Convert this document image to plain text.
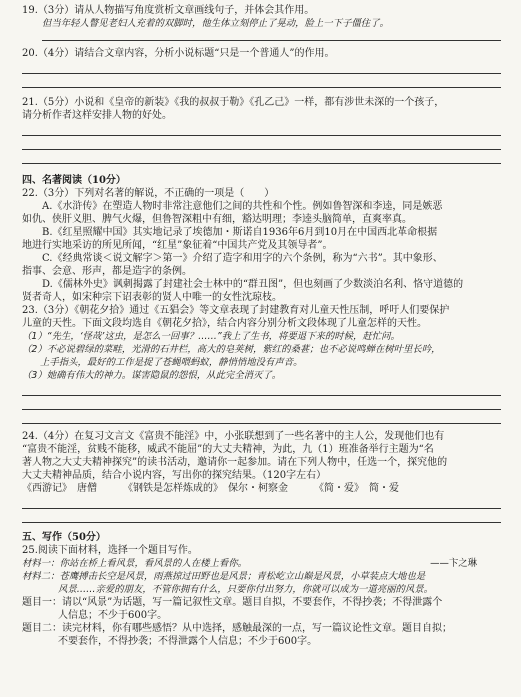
19.（3分）请从人物描写角度赏析文章画线句子，并体会其作用。

但当年轻人瞥见老妇人充着的双脚时，他生体立刻停止了晃动，脸上一下子僵住了。

20.（4分）请结合文章内容，分析小说标题“只是一个普通人”的作用。

21.（5分）小说和《皇帝的新装》《我的叔叔于勒》《孔乙己》一样，都有涉世未深的一个孩子，

请分析作者这样安排人物的好处。

四、名著阅读（10分）

22.（3分）下列对名著的解说，不正确的一项是（　　）

A.《水浒传》在塑造人物时非常注意他们之间的共性和个性。例如鲁智深和李逵，同是嫉恶

如仇、侠肝义胆、脾气火爆，但鲁智深粗中有细，豁达明理；李逵头脑简单，直爽率真。

B.《红星照耀中国》其实地记录了埃德加・斯诺自1936年6月到10月在中国西北革命根据

地进行实地采访的所见所闻，“红星”象征着“中国共产党及其领导者”。

C.《经典常谈＜说文解字＞第一》介绍了造字和用字的六个条例，称为“六书”。其中象形、

指事、会意、形声，都是造字的条例。

D.《儒林外史》讽刺揭露了封建社会士林中的“群丑图”，但也刻画了少数淡泊名利、恪守道德的

贤者奇人，如宋种宗下诏表彰的贤人中唯一的女性沈琼枝。

23.（3分）《朝花夕拾》通过《五猖会》等文章表现了封建教育对儿童天性压制，呼吁人们要保护

儿童的天性。下面文段均选自《朝花夕拾》，结合内容分别分析文段体现了儿童怎样的天性。

（1）“先生，‘怪哉’这虫，是怎么一回事？……”我上了生书，将要退下来的时候，赶忙问。

（2）不必说碧绿的菜畦，光滑的石井栏，高大的皂荚树，紫红的桑葚；也不必说鸣蝉在树叶里长吟，

上手指头，最好的工作是捉了苍蝇喂蚂蚁，静悄悄地没有声音。

（3）她确有伟大的神力。谋害隐鼠的怨恨，从此完全消灭了。

24.（4分）在复习文言文《富贵不能淫》中，小张联想到了一些名著中的主人公，发现他们也有

“富贵不能淫，贫贱不能移，威武不能屈”的大丈夫精神，为此，九（1）班准备举行主题为“名

著人物之大丈夫精神探究”的读书活动，邀请你一起参加。请在下列人物中，任选一个，探究他的

大丈夫精神品质，结合小说内容，写出你的探究结果。（120字左右）

《西游记》　 唐僧	《钢铁是怎样炼成的》　 保尔・柯察金	《简・爱》　 简・爱

五、写作（50分）

25.阅读下面材料，选择一个题目写作。

材料一：你站在桥上看风景，看风景的人在楼上看你。	——卞之琳

材料二：苍鹰搏击长空是风景，雨燕掠过田野也是风景；青松屹立山巅是风景，小草装点大地也是

风景……亲爱的朋友，不管你拥有什么，只要你付出努力，你就可以成为一道亮丽的风景。

题目一：请以“风景”为话题，写一篇记叙性文章。题目自拟，不要套作，不得抄袭；不得泄露个

人信息；不少于600字。

题目二：读完材料，你有哪些感悟？从中选择，感触最深的一点，写一篇议论性文章。题目自拟；

不要套作，不得抄袭；不得泄露个人信息；不少于600字。
